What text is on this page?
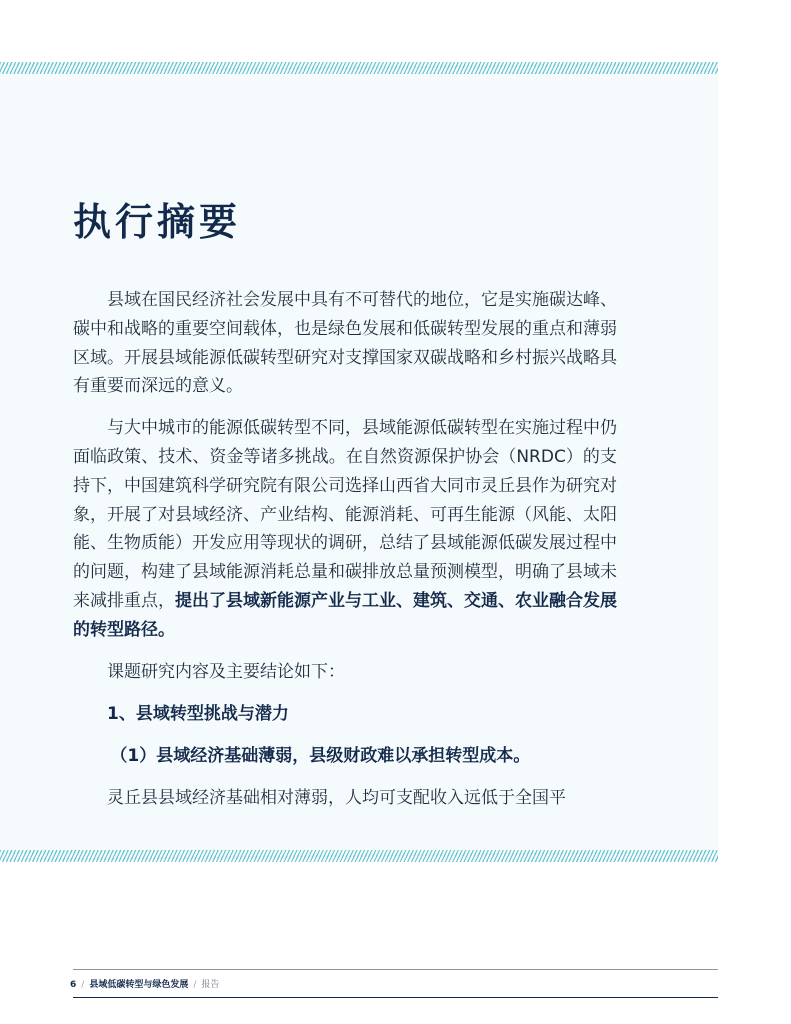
执行摘要

县域在国民经济社会发展中具有不可替代的地位，它是实施碳达峰、碳中和战略的重要空间载体，也是绿色发展和低碳转型发展的重点和薄弱区域。开展县域能源低碳转型研究对支撑国家双碳战略和乡村振兴战略具有重要而深远的意义。

与大中城市的能源低碳转型不同，县域能源低碳转型在实施过程中仍面临政策、技术、资金等诸多挑战。在自然资源保护协会（NRDC）的支持下，中国建筑科学研究院有限公司选择山西省大同市灵丘县作为研究对象，开展了对县域经济、产业结构、能源消耗、可再生能源（风能、太阳能、生物质能）开发应用等现状的调研，总结了县域能源低碳发展过程中的问题，构建了县域能源消耗总量和碳排放总量预测模型，明确了县域未来减排重点，提出了县域新能源产业与工业、建筑、交通、农业融合发展的转型路径。

课题研究内容及主要结论如下：

1、县域转型挑战与潜力

（1）县域经济基础薄弱，县级财政难以承担转型成本。

灵丘县县域经济基础相对薄弱，人均可支配收入远低于全国平

6 / 县域低碳转型与绿色发展 / 报告
